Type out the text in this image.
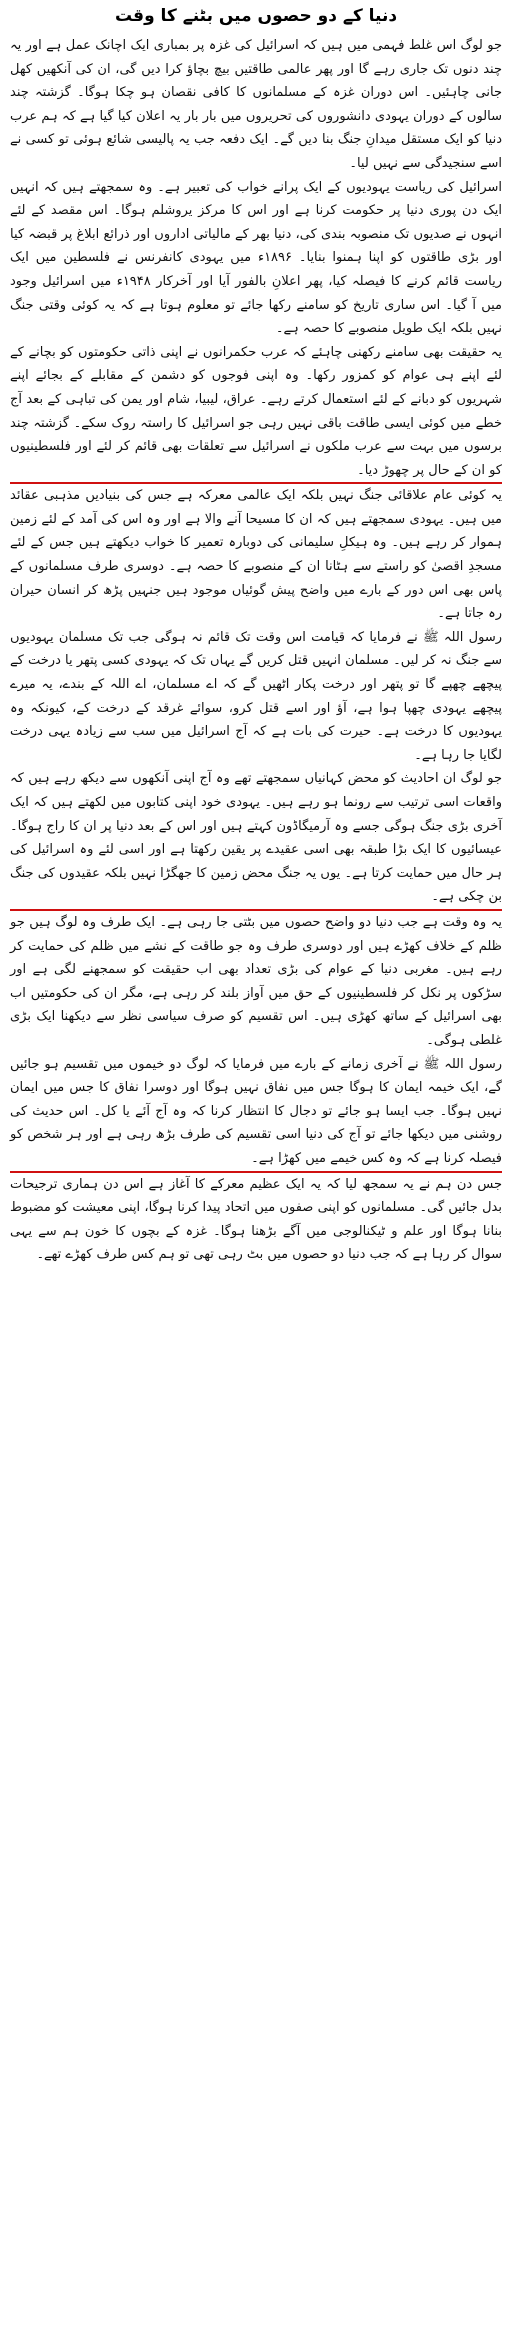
دنیا کے دو حصوں میں بٹنے کا وقت

جو لوگ اس غلط فہمی میں ہیں کہ اسرائیل کی غزہ پر بمباری ایک اچانک عمل ہے اور یہ چند دنوں تک جاری رہے گا اور پھر عالمی طاقتیں بیچ بچاؤ کرا دیں گی، ان کی آنکھیں کھل جانی چاہئیں۔ اس دوران غزہ کے مسلمانوں کا کافی نقصان ہو چکا ہوگا۔ گزشتہ چند سالوں کے دوران یہودی دانشوروں کی تحریروں میں بار بار یہ اعلان کیا گیا ہے کہ ہم عرب دنیا کو ایک مستقل میدانِ جنگ بنا دیں گے۔ ایک دفعہ جب یہ پالیسی شائع ہوئی تو کسی نے اسے سنجیدگی سے نہیں لیا۔

اسرائیل کی ریاست یہودیوں کے ایک پرانے خواب کی تعبیر ہے۔ وہ سمجھتے ہیں کہ انہیں ایک دن پوری دنیا پر حکومت کرنا ہے اور اس کا مرکز یروشلم ہوگا۔ اس مقصد کے لئے انہوں نے صدیوں تک منصوبہ بندی کی، دنیا بھر کے مالیاتی اداروں اور ذرائع ابلاغ پر قبضہ کیا اور بڑی طاقتوں کو اپنا ہمنوا بنایا۔ ۱۸۹۶ء میں یہودی کانفرنس نے فلسطین میں ایک ریاست قائم کرنے کا فیصلہ کیا، پھر اعلانِ بالفور آیا اور آخرکار ۱۹۴۸ء میں اسرائیل وجود میں آ گیا۔ اس ساری تاریخ کو سامنے رکھا جائے تو معلوم ہوتا ہے کہ یہ کوئی وقتی جنگ نہیں بلکہ ایک طویل منصوبے کا حصہ ہے۔

یہ حقیقت بھی سامنے رکھنی چاہئے کہ عرب حکمرانوں نے اپنی ذاتی حکومتوں کو بچانے کے لئے اپنے ہی عوام کو کمزور رکھا۔ وہ اپنی فوجوں کو دشمن کے مقابلے کے بجائے اپنے شہریوں کو دبانے کے لئے استعمال کرتے رہے۔ عراق، لیبیا، شام اور یمن کی تباہی کے بعد آج خطے میں کوئی ایسی طاقت باقی نہیں رہی جو اسرائیل کا راستہ روک سکے۔ گزشتہ چند برسوں میں بہت سے عرب ملکوں نے اسرائیل سے تعلقات بھی قائم کر لئے اور فلسطینیوں کو ان کے حال پر چھوڑ دیا۔

یہ کوئی عام علاقائی جنگ نہیں بلکہ ایک عالمی معرکہ ہے جس کی بنیادیں مذہبی عقائد میں ہیں۔ یہودی سمجھتے ہیں کہ ان کا مسیحا آنے والا ہے اور وہ اس کی آمد کے لئے زمین ہموار کر رہے ہیں۔ وہ ہیکلِ سلیمانی کی دوبارہ تعمیر کا خواب دیکھتے ہیں جس کے لئے مسجدِ اقصیٰ کو راستے سے ہٹانا ان کے منصوبے کا حصہ ہے۔ دوسری طرف مسلمانوں کے پاس بھی اس دور کے بارے میں واضح پیش گوئیاں موجود ہیں جنہیں پڑھ کر انسان حیران رہ جاتا ہے۔

رسول اللہ ﷺ نے فرمایا کہ قیامت اس وقت تک قائم نہ ہوگی جب تک مسلمان یہودیوں سے جنگ نہ کر لیں۔ مسلمان انہیں قتل کریں گے یہاں تک کہ یہودی کسی پتھر یا درخت کے پیچھے چھپے گا تو پتھر اور درخت پکار اٹھیں گے کہ اے مسلمان، اے اللہ کے بندے، یہ میرے پیچھے یہودی چھپا ہوا ہے، آؤ اور اسے قتل کرو، سوائے غرقد کے درخت کے، کیونکہ وہ یہودیوں کا درخت ہے۔ حیرت کی بات ہے کہ آج اسرائیل میں سب سے زیادہ یہی درخت لگایا جا رہا ہے۔

جو لوگ ان احادیث کو محض کہانیاں سمجھتے تھے وہ آج اپنی آنکھوں سے دیکھ رہے ہیں کہ واقعات اسی ترتیب سے رونما ہو رہے ہیں۔ یہودی خود اپنی کتابوں میں لکھتے ہیں کہ ایک آخری بڑی جنگ ہوگی جسے وہ آرمیگاڈون کہتے ہیں اور اس کے بعد دنیا پر ان کا راج ہوگا۔ عیسائیوں کا ایک بڑا طبقہ بھی اسی عقیدے پر یقین رکھتا ہے اور اسی لئے وہ اسرائیل کی ہر حال میں حمایت کرتا ہے۔ یوں یہ جنگ محض زمین کا جھگڑا نہیں بلکہ عقیدوں کی جنگ بن چکی ہے۔

یہ وہ وقت ہے جب دنیا دو واضح حصوں میں بٹتی جا رہی ہے۔ ایک طرف وہ لوگ ہیں جو ظلم کے خلاف کھڑے ہیں اور دوسری طرف وہ جو طاقت کے نشے میں ظلم کی حمایت کر رہے ہیں۔ مغربی دنیا کے عوام کی بڑی تعداد بھی اب حقیقت کو سمجھنے لگی ہے اور سڑکوں پر نکل کر فلسطینیوں کے حق میں آواز بلند کر رہی ہے، مگر ان کی حکومتیں اب بھی اسرائیل کے ساتھ کھڑی ہیں۔ اس تقسیم کو صرف سیاسی نظر سے دیکھنا ایک بڑی غلطی ہوگی۔

رسول اللہ ﷺ نے آخری زمانے کے بارے میں فرمایا کہ لوگ دو خیموں میں تقسیم ہو جائیں گے، ایک خیمہ ایمان کا ہوگا جس میں نفاق نہیں ہوگا اور دوسرا نفاق کا جس میں ایمان نہیں ہوگا۔ جب ایسا ہو جائے تو دجال کا انتظار کرنا کہ وہ آج آئے یا کل۔ اس حدیث کی روشنی میں دیکھا جائے تو آج کی دنیا اسی تقسیم کی طرف بڑھ رہی ہے اور ہر شخص کو فیصلہ کرنا ہے کہ وہ کس خیمے میں کھڑا ہے۔

جس دن ہم نے یہ سمجھ لیا کہ یہ ایک عظیم معرکے کا آغاز ہے اس دن ہماری ترجیحات بدل جائیں گی۔ مسلمانوں کو اپنی صفوں میں اتحاد پیدا کرنا ہوگا، اپنی معیشت کو مضبوط بنانا ہوگا اور علم و ٹیکنالوجی میں آگے بڑھنا ہوگا۔ غزہ کے بچوں کا خون ہم سے یہی سوال کر رہا ہے کہ جب دنیا دو حصوں میں بٹ رہی تھی تو ہم کس طرف کھڑے تھے۔
